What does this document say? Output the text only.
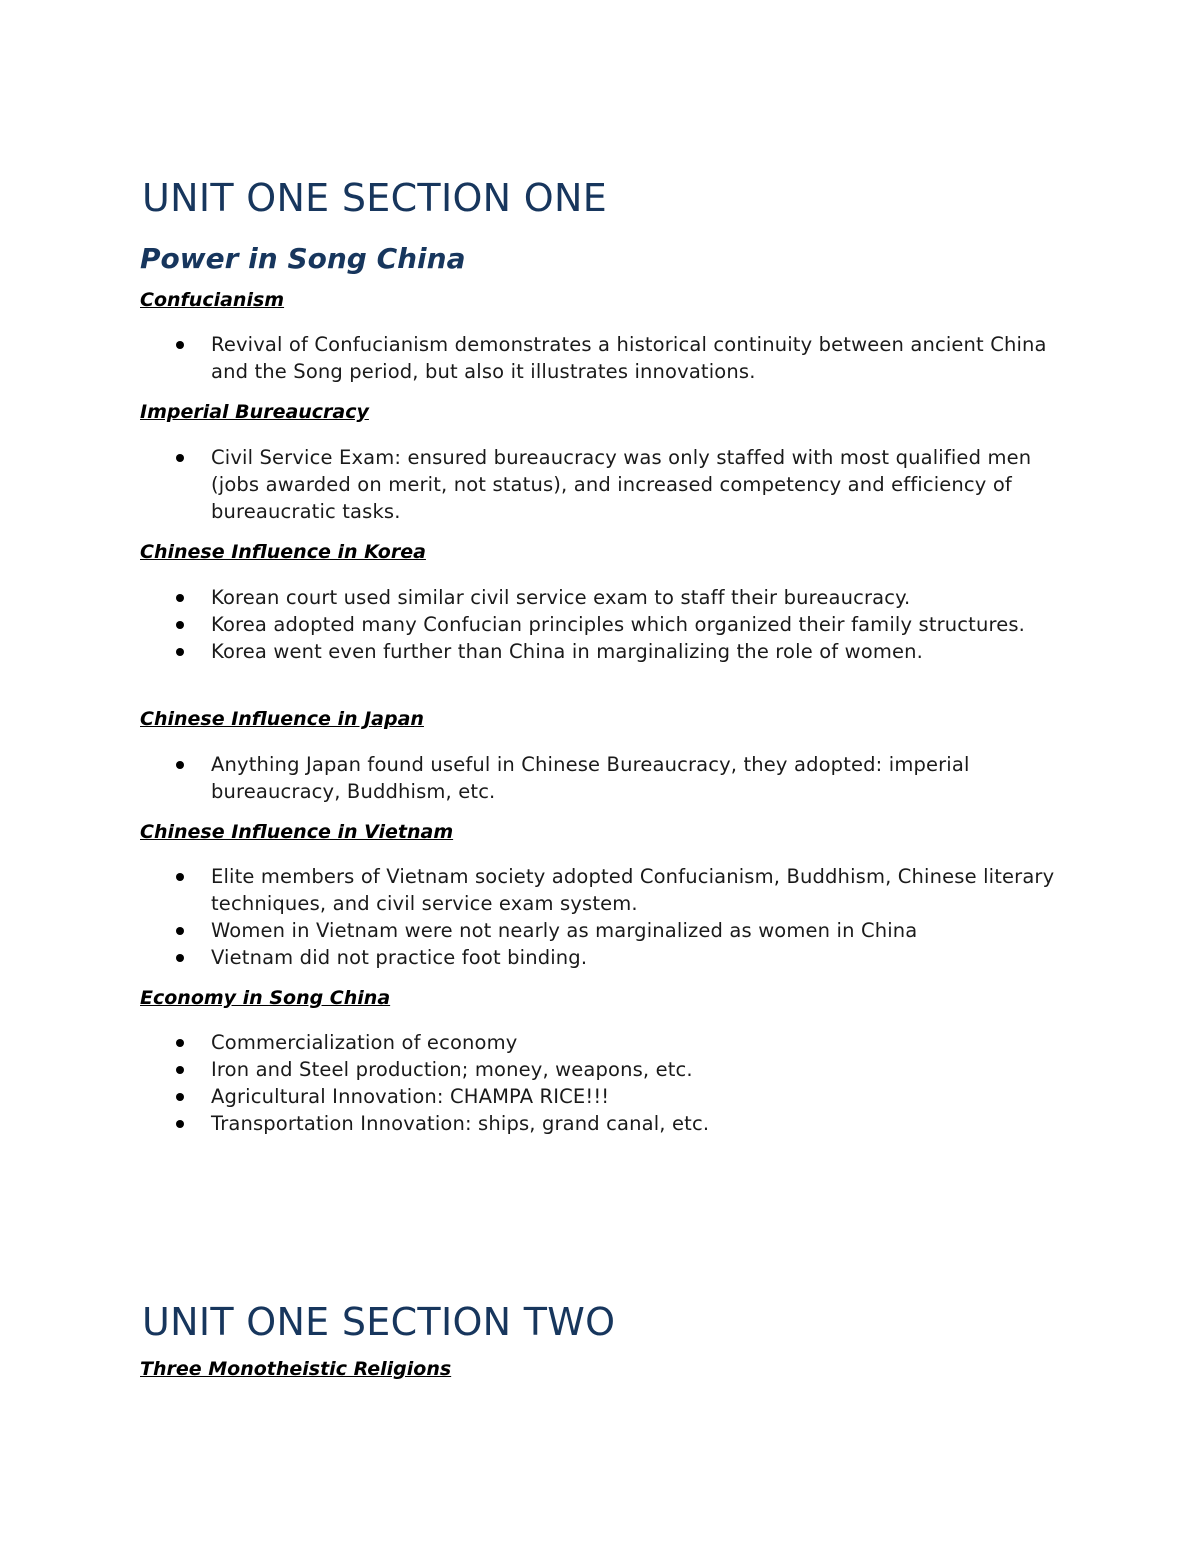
UNIT ONE SECTION ONE
Power in Song China
Confucianism
Revival of Confucianism demonstrates a historical continuity between ancient China and the Song period, but also it illustrates innovations.
Imperial Bureaucracy
Civil Service Exam: ensured bureaucracy was only staffed with most qualified men (jobs awarded on merit, not status), and increased competency and efficiency of bureaucratic tasks.
Chinese Influence in Korea
Korean court used similar civil service exam to staff their bureaucracy.
Korea adopted many Confucian principles which organized their family structures.
Korea went even further than China in marginalizing the role of women.
Chinese Influence in Japan
Anything Japan found useful in Chinese Bureaucracy, they adopted: imperial bureaucracy, Buddhism, etc.
Chinese Influence in Vietnam
Elite members of Vietnam society adopted Confucianism, Buddhism, Chinese literary techniques, and civil service exam system.
Women in Vietnam were not nearly as marginalized as women in China
Vietnam did not practice foot binding.
Economy in Song China
Commercialization of economy
Iron and Steel production; money, weapons, etc.
Agricultural Innovation: CHAMPA RICE!!!
Transportation Innovation: ships, grand canal, etc.
UNIT ONE SECTION TWO
Three Monotheistic Religions
